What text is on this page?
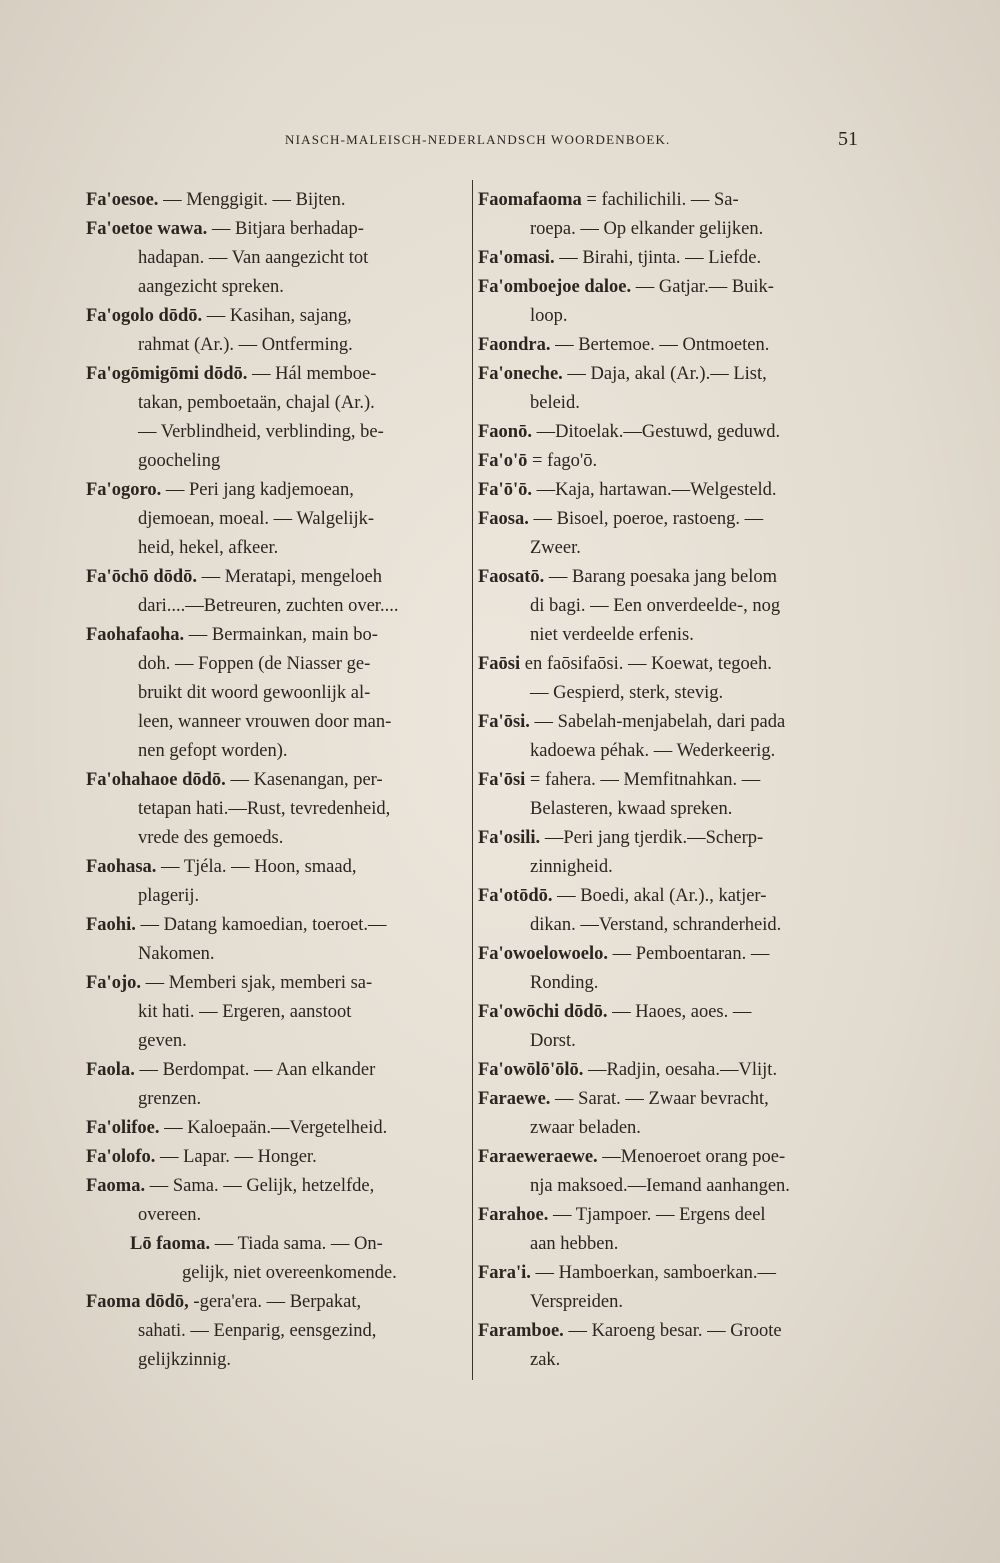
NIASCH-MALEISCH-NEDERLANDSCH WOORDENBOEK.	51
Fa'oesoe. — Menggigit. — Bijten.
Fa'oetoe wawa. — Bitjara berhadap-
hadapan. — Van aangezicht tot
aangezicht spreken.
Fa'ogolo dōdō. — Kasihan, sajang,
rahmat (Ar.). — Ontferming.
Fa'ogōmigōmi dōdō. — Hál memboe-
takan, pemboetaän, chajal (Ar.).
— Verblindheid, verblinding, be-
goocheling
Fa'ogoro. — Peri jang kadjemoean,
djemoean, moeal. — Walgelijk-
heid, hekel, afkeer.
Fa'ōchō dōdō. — Meratapi, mengeloeh
dari....—Betreuren, zuchten over....
Faohafaoha. — Bermainkan, main bo-
doh. — Foppen (de Niasser ge-
bruikt dit woord gewoonlijk al-
leen, wanneer vrouwen door man-
nen gefopt worden).
Fa'ohahaoe dōdō. — Kasenangan, per-
tetapan hati.—Rust, tevredenheid,
vrede des gemoeds.
Faohasa. — Tjéla. — Hoon, smaad,
plagerij.
Faohi. — Datang kamoedian, toeroet.—
Nakomen.
Fa'ojo. — Memberi sjak, memberi sa-
kit hati. — Ergeren, aanstoot
geven.
Faola. — Berdompat. — Aan elkander
grenzen.
Fa'olifoe. — Kaloepaän.—Vergetelheid.
Fa'olofo. — Lapar. — Honger.
Faoma. — Sama. — Gelijk, hetzelfde,
overeen.
Lō faoma. — Tiada sama. — On-
gelijk, niet overeenkomende.
Faoma dōdō, -gera'era. — Berpakat,
sahati. — Eenparig, eensgezind,
gelijkzinnig.
Faomafaoma = fachilichili. — Sa-
roepa. — Op elkander gelijken.
Fa'omasi. — Birahi, tjinta. — Liefde.
Fa'omboejoe daloe. — Gatjar.— Buik-
loop.
Faondra. — Bertemoe. — Ontmoeten.
Fa'oneche. — Daja, akal (Ar.).— List,
beleid.
Faonō. —Ditoelak.—Gestuwd, geduwd.
Fa'o'ō = fago'ō.
Fa'ō'ō. —Kaja, hartawan.—Welgesteld.
Faosa. — Bisoel, poeroe, rastoeng. —
Zweer.
Faosatō. — Barang poesaka jang belom
di bagi. — Een onverdeelde-, nog
niet verdeelde erfenis.
Faōsi en faōsifaōsi. — Koewat, tegoeh.
— Gespierd, sterk, stevig.
Fa'ōsi. — Sabelah-menjabelah, dari pada
kadoewa péhak. — Wederkeerig.
Fa'ōsi = fahera. — Memfitnahkan. —
Belasteren, kwaad spreken.
Fa'osili. —Peri jang tjerdik.—Scherp-
zinnigheid.
Fa'otōdō. — Boedi, akal (Ar.)., katjer-
dikan. —Verstand, schranderheid.
Fa'owoelowoelo. — Pemboentaran. —
Ronding.
Fa'owōchi dōdō. — Haoes, aoes. —
Dorst.
Fa'owōlō'ōlō. —Radjin, oesaha.—Vlijt.
Faraewe. — Sarat. — Zwaar bevracht,
zwaar beladen.
Faraeweraewe. —Menoeroet orang poe-
nja maksoed.—Iemand aanhangen.
Farahoe. — Tjampoer. — Ergens deel
aan hebben.
Fara'i. — Hamboerkan, samboerkan.—
Verspreiden.
Faramboe. — Karoeng besar. — Groote
zak.
